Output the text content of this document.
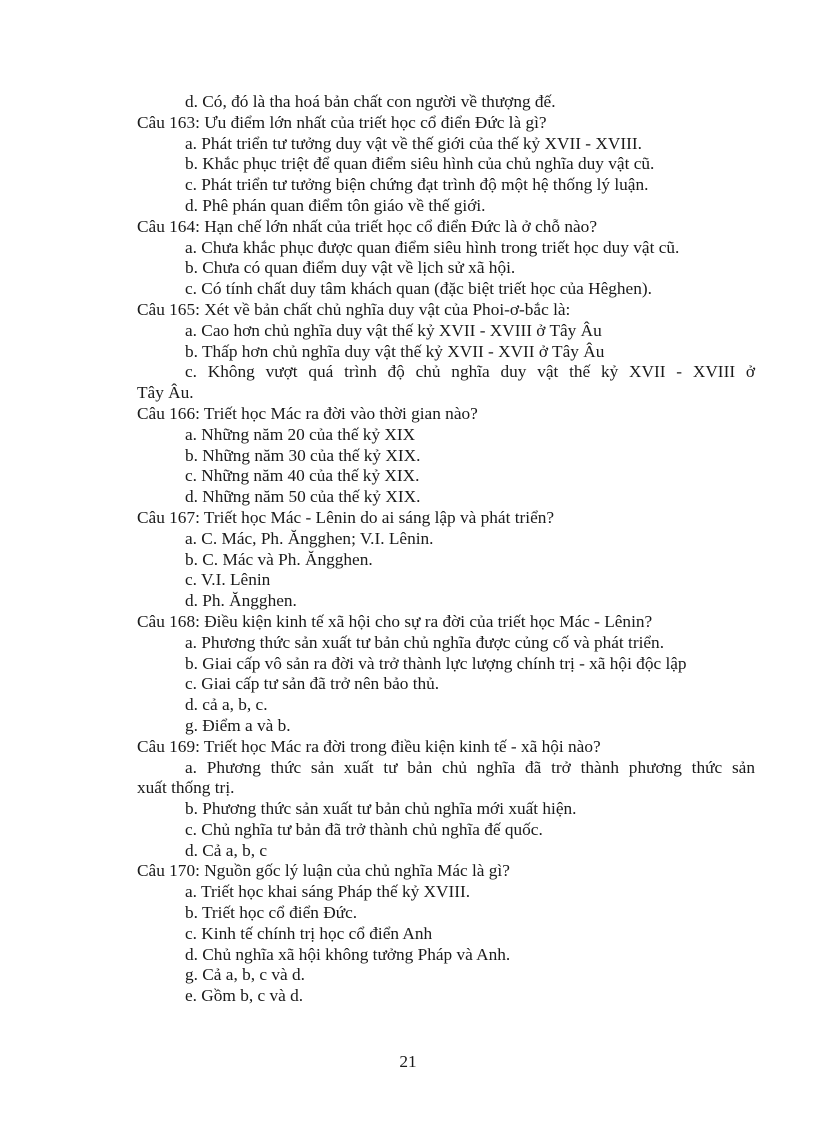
d. Có, đó là tha hoá bản chất con người về thượng đế.
Câu 163: Ưu điểm lớn nhất của triết học cổ điển Đức là gì?
a. Phát triển tư tưởng duy vật về thế giới của thế kỷ XVII - XVIII.
b. Khắc phục triệt để quan điểm siêu hình của chủ nghĩa duy vật cũ.
c. Phát triển tư tưởng biện chứng đạt trình độ một hệ thống lý luận.
d. Phê phán quan điểm tôn giáo về thế giới.
Câu 164: Hạn chế lớn nhất của triết học cổ điển Đức là ở chỗ nào?
a. Chưa khắc phục được quan điểm siêu hình trong triết học duy vật cũ.
b. Chưa có quan điểm duy vật về lịch sử xã hội.
c. Có tính chất duy tâm khách quan (đặc biệt triết học của Hêghen).
Câu 165: Xét về bản chất chủ nghĩa duy vật của Phoi-ơ-bắc là:
a. Cao hơn chủ nghĩa duy vật thế kỷ XVII - XVIII ở Tây Âu
b. Thấp hơn chủ nghĩa duy vật thế kỷ XVII - XVII ở Tây Âu
c. Không vượt quá trình độ chủ nghĩa duy vật thế kỷ XVII - XVIII ở
Tây Âu.
Câu 166: Triết học Mác ra đời vào thời gian nào?
a. Những năm 20 của thế kỷ XIX
b. Những năm 30 của thế kỷ XIX.
c. Những năm 40 của thế kỷ XIX.
d. Những năm 50 của thế kỷ XIX.
Câu 167: Triết học Mác - Lênin do ai sáng lập và phát triển?
a. C. Mác, Ph. Ăngghen; V.I. Lênin.
b. C. Mác và Ph. Ăngghen.
c. V.I. Lênin
d. Ph. Ăngghen.
Câu 168: Điều kiện kinh tế xã hội cho sự ra đời của triết học Mác - Lênin?
a. Phương thức sản xuất tư bản chủ nghĩa được củng cố và phát triển.
b. Giai cấp vô sản ra đời và trở thành lực lượng chính trị - xã hội độc lập
c. Giai cấp tư sản đã trở nên bảo thủ.
d. cả a, b, c.
g. Điểm a và b.
Câu 169: Triết học Mác ra đời trong điều kiện kinh tế - xã hội nào?
a. Phương thức sản xuất tư bản chủ nghĩa đã trở thành phương thức sản
xuất thống trị.
b. Phương thức sản xuất tư bản chủ nghĩa mới xuất hiện.
c. Chủ nghĩa tư bản đã trở thành chủ nghĩa đế quốc.
d. Cả a, b, c
Câu 170: Nguồn gốc lý luận của chủ nghĩa Mác là gì?
a. Triết học khai sáng Pháp thế kỷ XVIII.
b. Triết học cổ điển Đức.
c. Kinh tế chính trị học cổ điển Anh
d. Chủ nghĩa xã hội không tưởng Pháp và Anh.
g. Cả a, b, c và d.
e. Gồm b, c và d.
21
